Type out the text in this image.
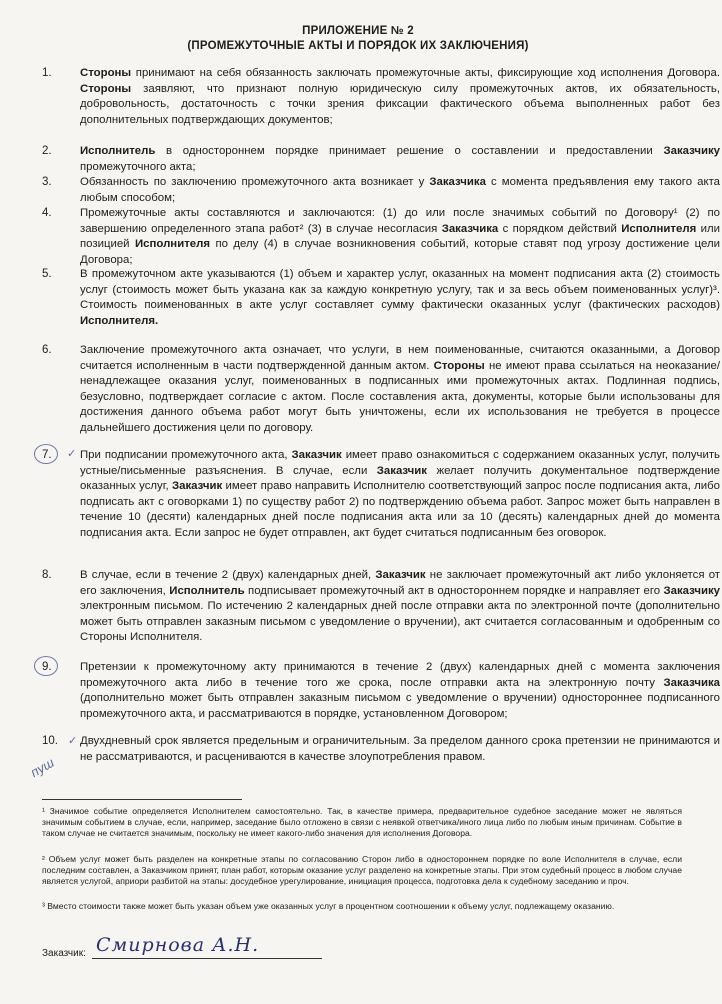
ПРИЛОЖЕНИЕ № 2
(ПРОМЕЖУТОЧНЫЕ АКТЫ И ПОРЯДОК ИХ ЗАКЛЮЧЕНИЯ)
1. Стороны принимают на себя обязанность заключать промежуточные акты, фиксирующие ход исполнения Договора. Стороны заявляют, что признают полную юридическую силу промежуточных актов, их обязательность, добровольность, достаточность с точки зрения фиксации фактического объема выполненных работ без дополнительных подтверждающих документов;
2. Исполнитель в одностороннем порядке принимает решение о составлении и предоставлении Заказчику промежуточного акта;
3. Обязанность по заключению промежуточного акта возникает у Заказчика с момента предъявления ему такого акта любым способом;
4. Промежуточные акты составляются и заключаются: (1) до или после значимых событий по Договору¹ (2) по завершению определенного этапа работ² (3) в случае несогласия Заказчика с порядком действий Исполнителя или позицией Исполнителя по делу (4) в случае возникновения событий, которые ставят под угрозу достижение цели Договора;
5. В промежуточном акте указываются (1) объем и характер услуг, оказанных на момент подписания акта (2) стоимость услуг (стоимость может быть указана как за каждую конкретную услугу, так и за весь объем поименованных услуг)³. Стоимость поименованных в акте услуг составляет сумму фактически оказанных услуг (фактических расходов) Исполнителя.
6. Заключение промежуточного акта означает, что услуги, в нем поименованные, считаются оказанными, а Договор считается исполненным в части подтвержденной данным актом. Стороны не имеют права ссылаться на неоказание/ненадлежащее оказания услуг, поименованных в подписанных ими промежуточных актах. Подлинная подпись, безусловно, подтверждает согласие с актом. После составления акта, документы, которые были использованы для достижения данного объема работ могут быть уничтожены, если их использования не требуется в процессе дальнейшего достижения цели по договору.
7. При подписании промежуточного акта, Заказчик имеет право ознакомиться с содержанием оказанных услуг, получить устные/письменные разъяснения. В случае, если Заказчик желает получить документальное подтверждение оказанных услуг, Заказчик имеет право направить Исполнителю соответствующий запрос после подписания акта, либо подписать акт с оговорками 1) по существу работ 2) по подтверждению объема работ. Запрос может быть направлен в течение 10 (десяти) календарных дней после подписания акта или за 10 (десять) календарных дней до момента подписания акта. Если запрос не будет отправлен, акт будет считаться подписанным без оговорок.
8. В случае, если в течение 2 (двух) календарных дней, Заказчик не заключает промежуточный акт либо уклоняется от его заключения, Исполнитель подписывает промежуточный акт в одностороннем порядке и направляет его Заказчику электронным письмом. По истечению 2 календарных дней после отправки акта по электронной почте (дополнительно может быть отправлен заказным письмом с уведомление о вручении), акт считается согласованным и одобренным со Стороны Исполнителя.
9. Претензии к промежуточному акту принимаются в течение 2 (двух) календарных дней с момента заключения промежуточного акта либо в течение того же срока, после отправки акта на электронную почту Заказчика (дополнительно может быть отправлен заказным письмом с уведомление о вручении) одностороннее подписанного промежуточного акта, и рассматриваются в порядке, установленном Договором;
10. Двухдневный срок является предельным и ограничительным. За пределом данного срока претензии не принимаются и не рассматриваются, и расцениваются в качестве злоупотребления правом.
✓
✓
пуш
¹ Значимое событие определяется Исполнителем самостоятельно. Так, в качестве примера, предварительное судебное заседание может не являться значимым событием в случае, если, например, заседание было отложено в связи с неявкой ответчика/иного лица либо по любым иным причинам. Событие в таком случае не считается значимым, поскольку не имеет какого-либо значения для исполнения Договора.
² Объем услуг может быть разделен на конкретные этапы по согласованию Сторон либо в одностороннем порядке по воле Исполнителя в случае, если последним составлен, а Заказчиком принят, план работ, которым оказание услуг разделено на конкретные этапы. При этом судебный процесс в любом случае является услугой, априори разбитой на этапы: досудебное урегулирование, инициация процесса, подготовка дела к судебному заседанию и проч.
³ Вместо стоимости также может быть указан объем уже оказанных услуг в процентном соотношении к объему услуг, подлежащему оказанию.
Заказчик: Смирнова А.Н.
